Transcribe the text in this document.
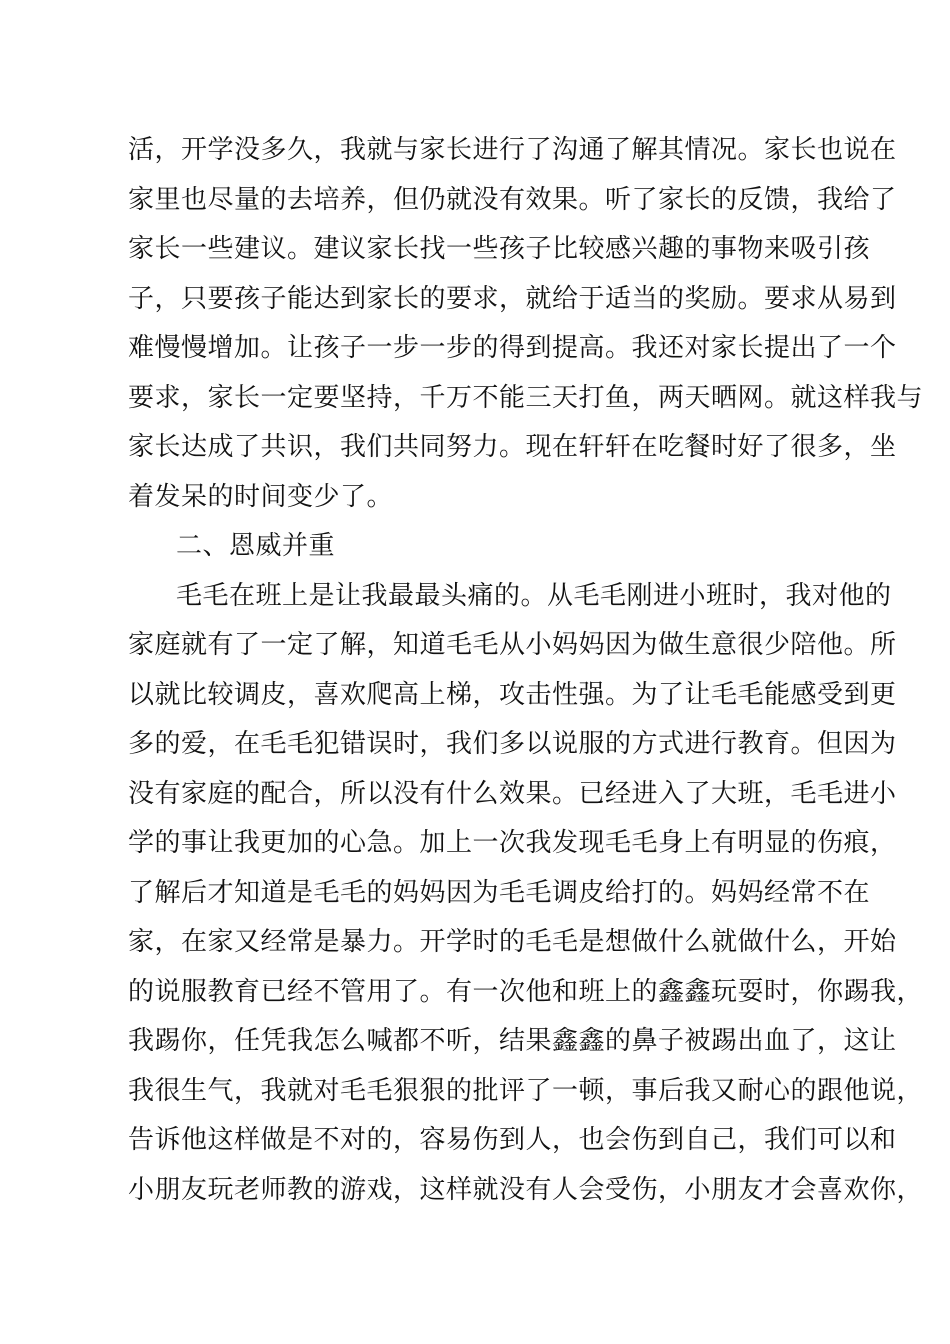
活，开学没多久，我就与家长进行了沟通了解其情况。家长也说在
家里也尽量的去培养，但仍就没有效果。听了家长的反馈，我给了
家长一些建议。建议家长找一些孩子比较感兴趣的事物来吸引孩
子，只要孩子能达到家长的要求，就给于适当的奖励。要求从易到
难慢慢增加。让孩子一步一步的得到提高。我还对家长提出了一个
要求，家长一定要坚持，千万不能三天打鱼，两天晒网。就这样我与
家长达成了共识，我们共同努力。现在轩轩在吃餐时好了很多，坐
着发呆的时间变少了。
二、恩威并重
毛毛在班上是让我最最头痛的。从毛毛刚进小班时，我对他的
家庭就有了一定了解，知道毛毛从小妈妈因为做生意很少陪他。所
以就比较调皮，喜欢爬高上梯，攻击性强。为了让毛毛能感受到更
多的爱，在毛毛犯错误时，我们多以说服的方式进行教育。但因为
没有家庭的配合，所以没有什么效果。已经进入了大班，毛毛进小
学的事让我更加的心急。加上一次我发现毛毛身上有明显的伤痕，
了解后才知道是毛毛的妈妈因为毛毛调皮给打的。妈妈经常不在
家，在家又经常是暴力。开学时的毛毛是想做什么就做什么，开始
的说服教育已经不管用了。有一次他和班上的鑫鑫玩耍时，你踢我，
我踢你，任凭我怎么喊都不听，结果鑫鑫的鼻子被踢出血了，这让
我很生气，我就对毛毛狠狠的批评了一顿，事后我又耐心的跟他说，
告诉他这样做是不对的，容易伤到人，也会伤到自己，我们可以和
小朋友玩老师教的游戏，这样就没有人会受伤，小朋友才会喜欢你，
